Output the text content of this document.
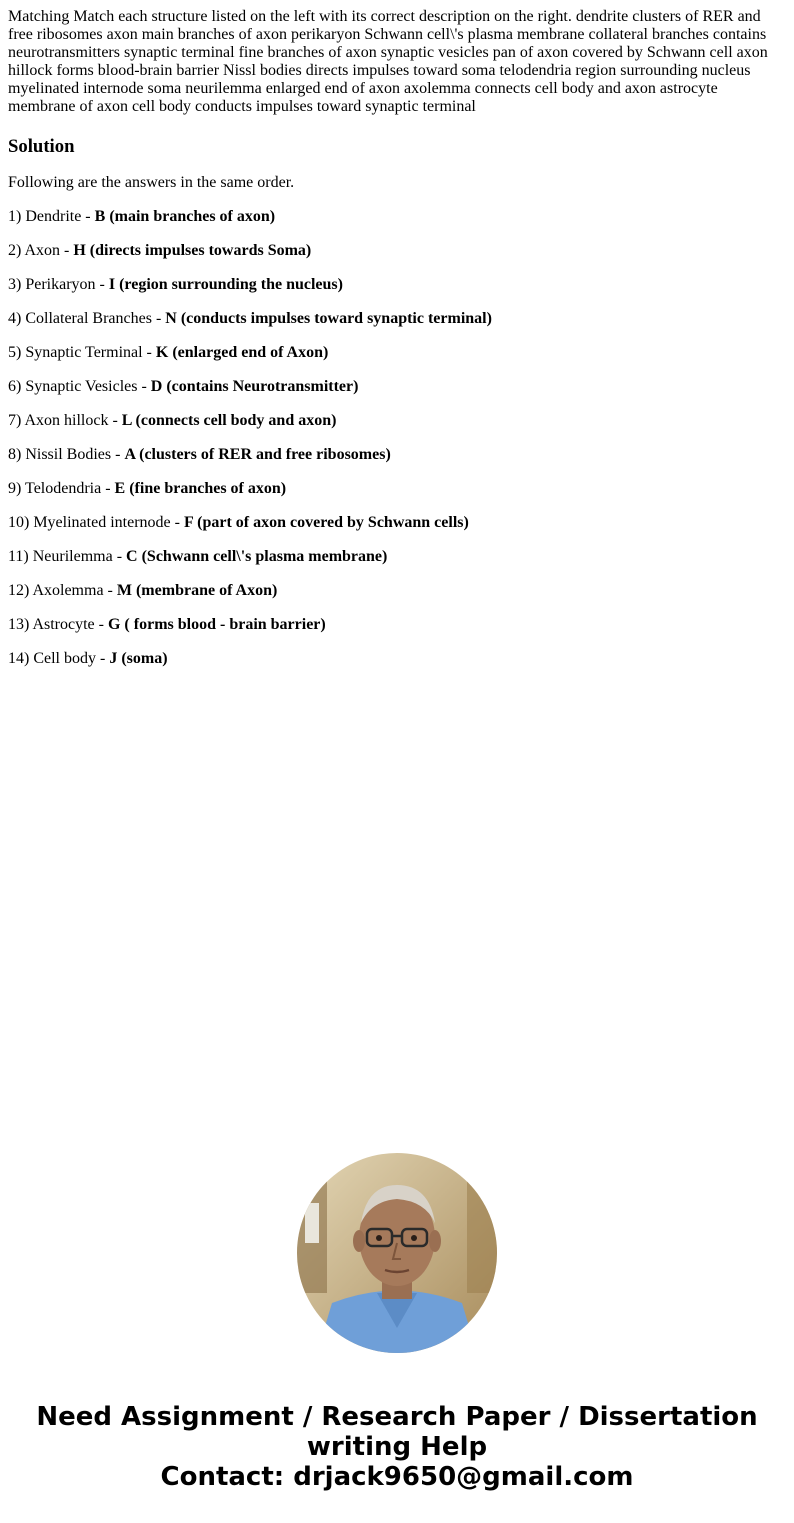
Matching Match each structure listed on the left with its correct description on the right. dendrite clusters of RER and free ribosomes axon main branches of axon perikaryon Schwann cell\'s plasma membrane collateral branches contains neurotransmitters synaptic terminal fine branches of axon synaptic vesicles pan of axon covered by Schwann cell axon hillock forms blood-brain barrier Nissl bodies directs impulses toward soma telodendria region surrounding nucleus myelinated internode soma neurilemma enlarged end of axon axolemma connects cell body and axon astrocyte membrane of axon cell body conducts impulses toward synaptic terminal

Solution

Following are the answers in the same order.

1) Dendrite - B (main branches of axon)

2) Axon - H (directs impulses towards Soma)

3) Perikaryon - I (region surrounding the nucleus)

4) Collateral Branches - N (conducts impulses toward synaptic terminal)

5) Synaptic Terminal - K (enlarged end of Axon)

6) Synaptic Vesicles - D (contains Neurotransmitter)

7) Axon hillock - L (connects cell body and axon)

8) Nissil Bodies - A (clusters of RER and free ribosomes)

9) Telodendria - E (fine branches of axon)

10) Myelinated internode - F (part of axon covered by Schwann cells)

11) Neurilemma - C (Schwann cell\'s plasma membrane)

12) Axolemma - M (membrane of Axon)

13) Astrocyte - G ( forms blood - brain barrier)

14) Cell body - J (soma)

Need Assignment / Research Paper / Dissertation
writing Help
Contact: drjack9650@gmail.com
